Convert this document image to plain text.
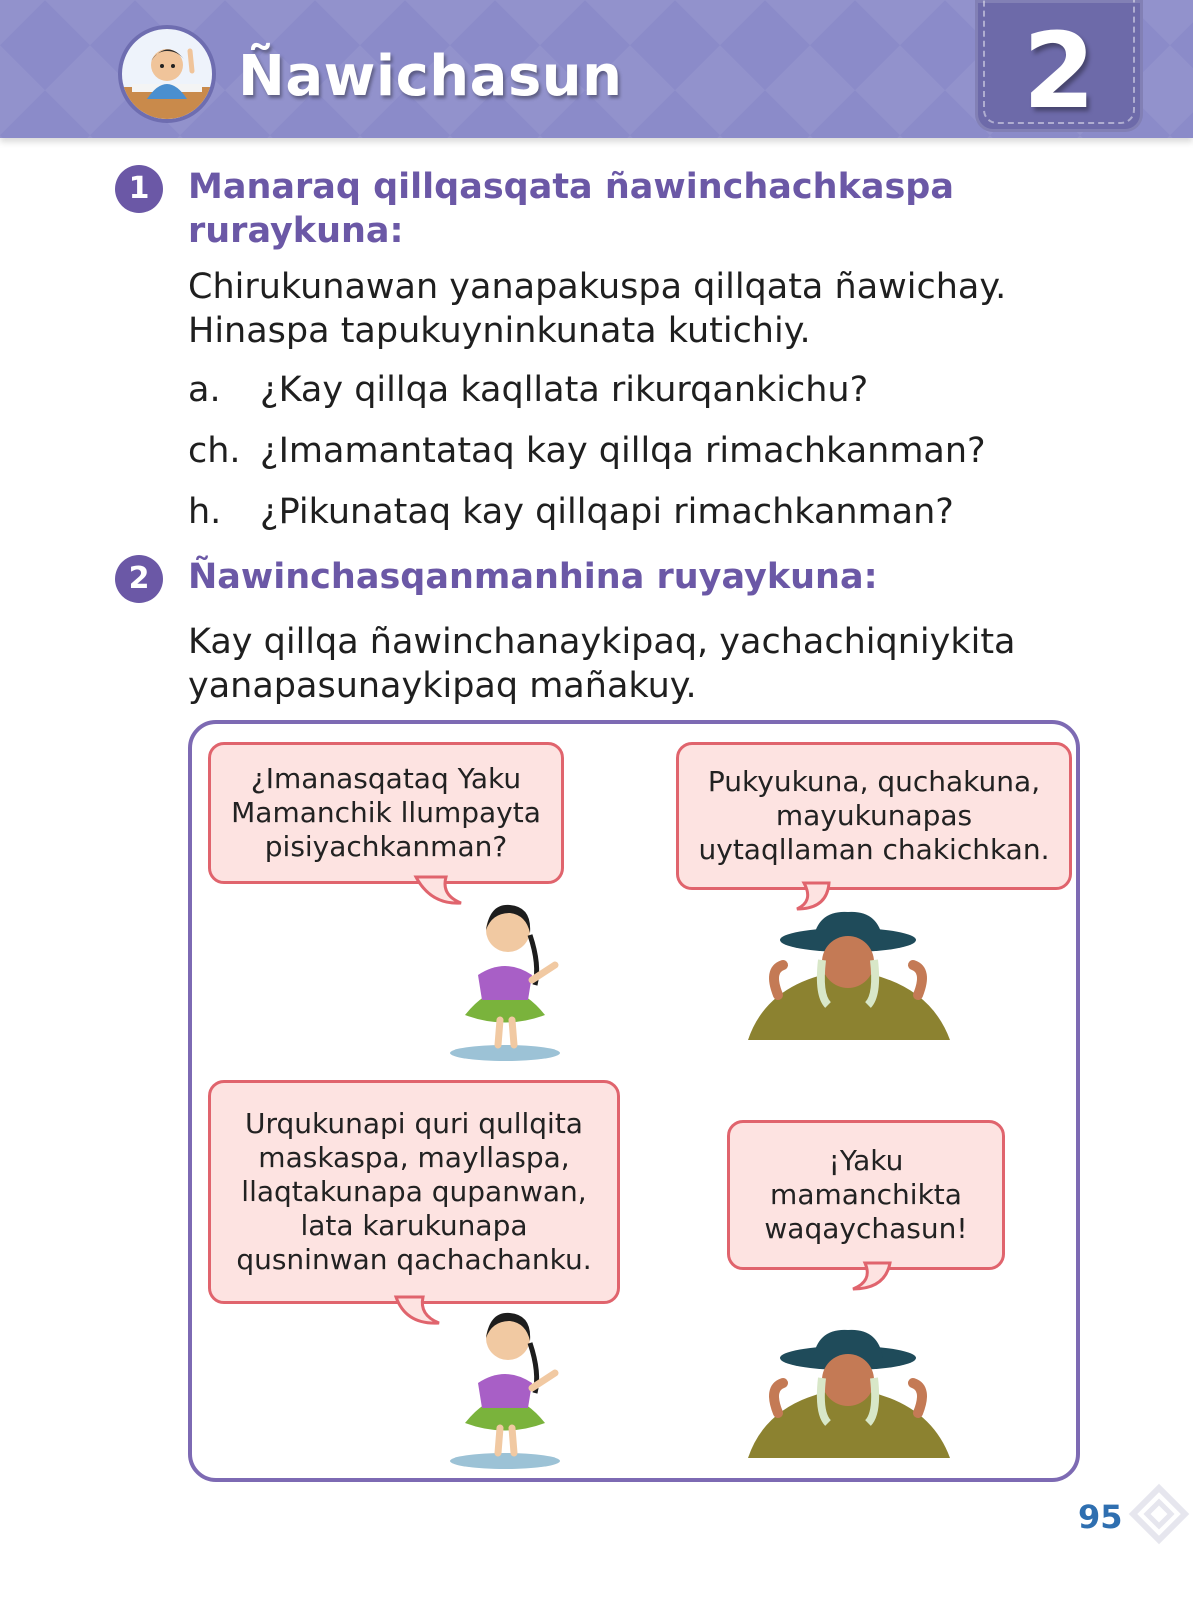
Ñawichasun	2
1	Manaraq qillqasqata ñawinchachkaspa ruraykuna:
Chirukunawan yanapakuspa qillqata ñawichay.
Hinaspa tapukuyninkunata kutichiy.
a. ¿Kay qillqa kaqllata rikurqankichu?
ch. ¿Imamantataq kay qillqa rimachkanman?
h. ¿Pikunataq kay qillqapi rimachkanman?
2	Ñawinchasqanmanhina ruyaykuna:
Kay qillqa ñawinchanaykipaq, yachachiqniykita
yanapasunaykipaq mañakuy.
¿Imanasqataq Yaku
Mamanchik llumpayta
pisiyachkanman?
Pukyukuna, quchakuna,
mayukunapas
uytaqllaman chakichkan.
Urqukunapi quri qullqita
maskaspa, mayllaspa,
llaqtakunapa qupanwan,
lata karukunapa
qusninwan qachachanku.
¡Yaku
mamanchikta
waqaychasun!
95
